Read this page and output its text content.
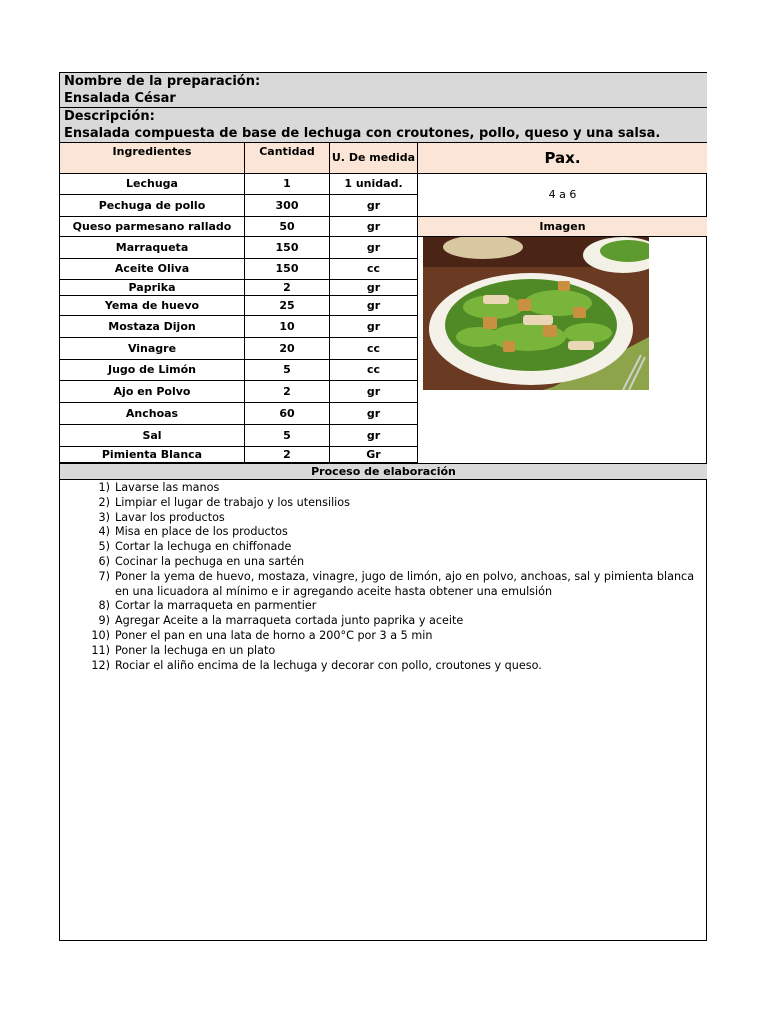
Nombre de la preparación:
Ensalada César
Descripción:
Ensalada compuesta de base de lechuga con croutones, pollo, queso y una salsa.
Ingredientes	Cantidad	U. De medida	Pax.
4 a 6
Imagen
Lechuga	1	1 unidad.
Pechuga de pollo	300	gr
Queso parmesano rallado	50	gr
Marraqueta	150	gr
Aceite Oliva	150	cc
Paprika	2	gr
Yema de huevo	25	gr
Mostaza Dijon	10	gr
Vinagre	20	cc
Jugo de Limón	5	cc
Ajo en Polvo	2	gr
Anchoas	60	gr
Sal	5	gr
Pimienta Blanca	2	Gr
Proceso de elaboración
1) Lavarse las manos
2) Limpiar el lugar de trabajo y los utensilios
3) Lavar los productos
4) Misa en place de los productos
5) Cortar la lechuga en chiffonade
6) Cocinar la pechuga en una sartén
7) Poner la yema de huevo, mostaza, vinagre, jugo de limón, ajo en polvo, anchoas, sal y pimienta blanca en una licuadora al mínimo e ir agregando aceite hasta obtener una emulsión
8) Cortar la marraqueta en parmentier
9) Agregar Aceite a la marraqueta cortada junto paprika y aceite
10) Poner el pan en una lata de horno a 200°C por 3 a 5 min
11) Poner la lechuga en un plato
12) Rociar el aliño encima de la lechuga y decorar con pollo, croutones y queso.
